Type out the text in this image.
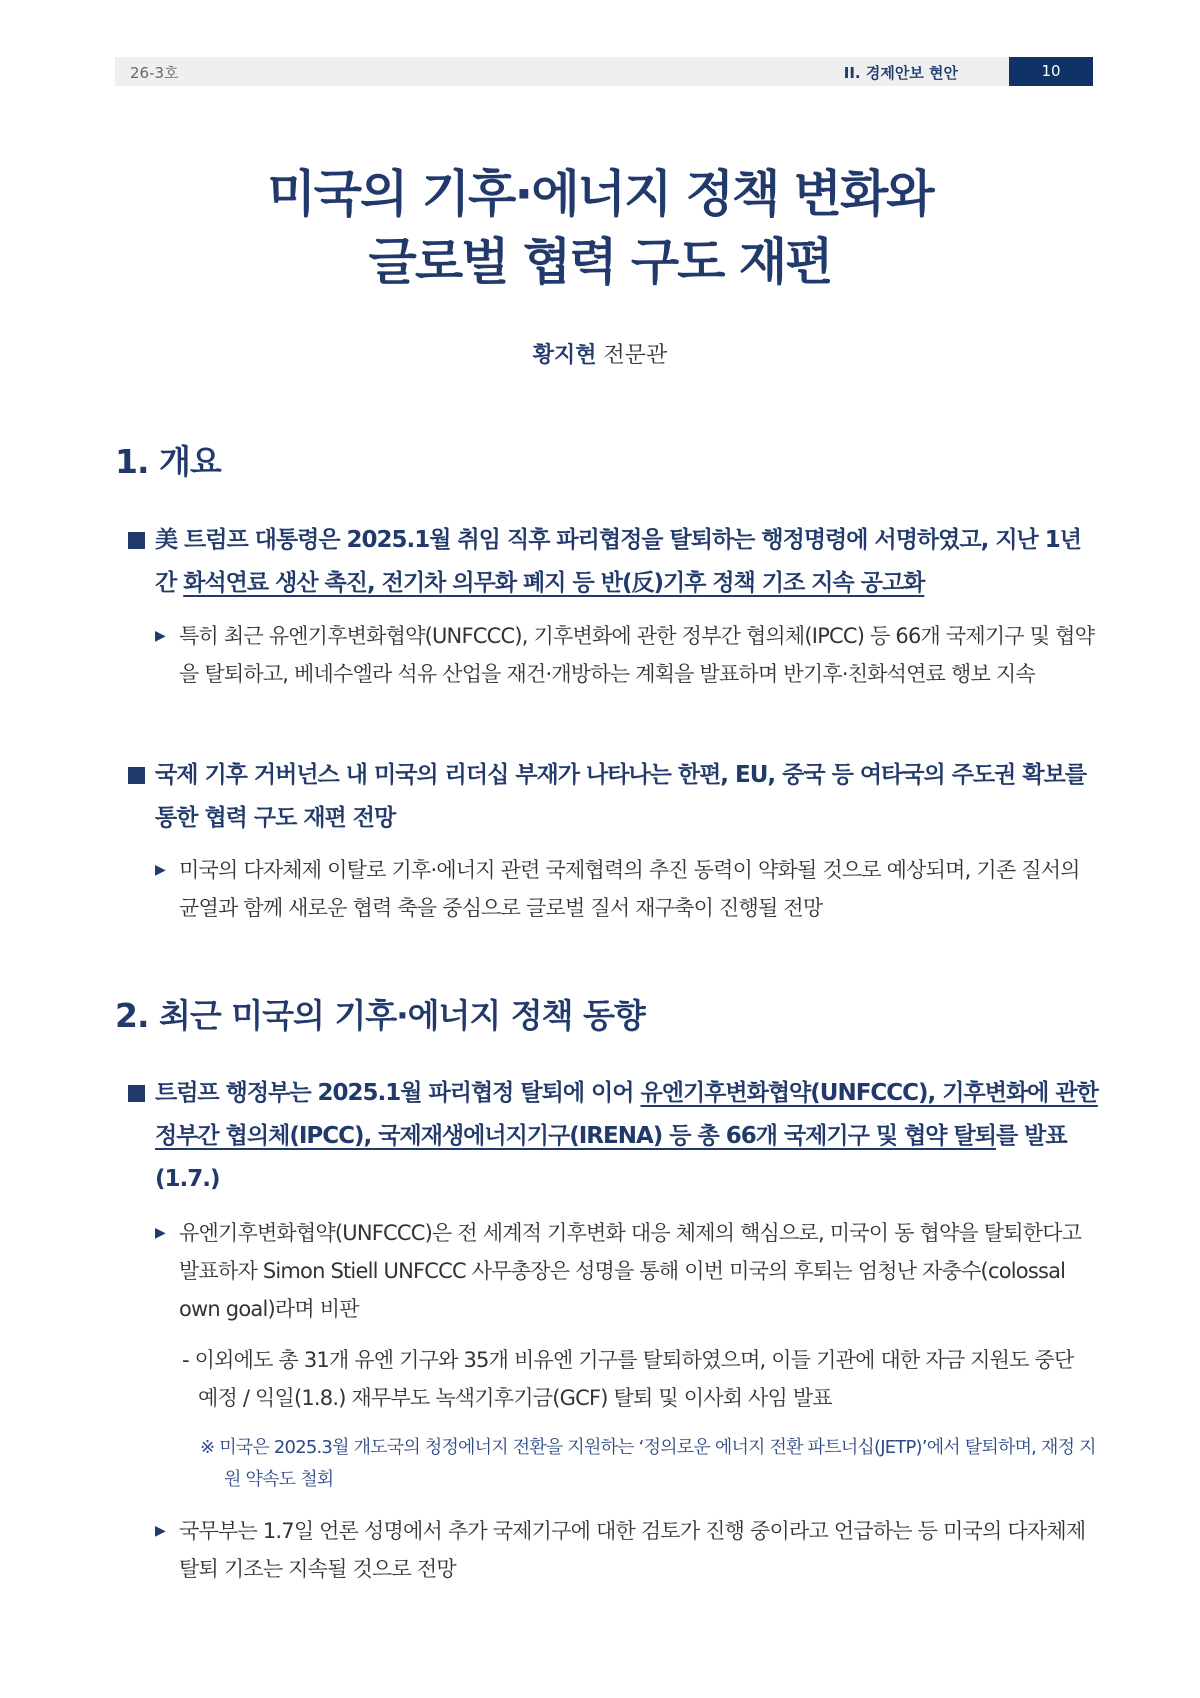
26-3호	II. 경제안보 현안	10
미국의 기후·에너지 정책 변화와
글로벌 협력 구도 재편
황지현 전문관
1. 개요
美 트럼프 대통령은 2025.1월 취임 직후 파리협정을 탈퇴하는 행정명령에 서명하였고, 지난 1년간 화석연료 생산 촉진, 전기차 의무화 폐지 등 반(反)기후 정책 기조 지속 공고화
▶ 특히 최근 유엔기후변화협약(UNFCCC), 기후변화에 관한 정부간 협의체(IPCC) 등 66개 국제기구 및 협약을 탈퇴하고, 베네수엘라 석유 산업을 재건·개방하는 계획을 발표하며 반기후·친화석연료 행보 지속
국제 기후 거버넌스 내 미국의 리더십 부재가 나타나는 한편, EU, 중국 등 여타국의 주도권 확보를 통한 협력 구도 재편 전망
▶ 미국의 다자체제 이탈로 기후·에너지 관련 국제협력의 추진 동력이 약화될 것으로 예상되며, 기존 질서의 균열과 함께 새로운 협력 축을 중심으로 글로벌 질서 재구축이 진행될 전망
2. 최근 미국의 기후·에너지 정책 동향
트럼프 행정부는 2025.1월 파리협정 탈퇴에 이어 유엔기후변화협약(UNFCCC), 기후변화에 관한 정부간 협의체(IPCC), 국제재생에너지기구(IRENA) 등 총 66개 국제기구 및 협약 탈퇴를 발표(1.7.)
▶ 유엔기후변화협약(UNFCCC)은 전 세계적 기후변화 대응 체제의 핵심으로, 미국이 동 협약을 탈퇴한다고 발표하자 Simon Stiell UNFCCC 사무총장은 성명을 통해 이번 미국의 후퇴는 엄청난 자충수(colossal own goal)라며 비판
- 이외에도 총 31개 유엔 기구와 35개 비유엔 기구를 탈퇴하였으며, 이들 기관에 대한 자금 지원도 중단 예정 / 익일(1.8.) 재무부도 녹색기후기금(GCF) 탈퇴 및 이사회 사임 발표
※ 미국은 2025.3월 개도국의 청정에너지 전환을 지원하는 ‘정의로운 에너지 전환 파트너십(JETP)’에서 탈퇴하며, 재정 지원 약속도 철회
▶ 국무부는 1.7일 언론 성명에서 추가 국제기구에 대한 검토가 진행 중이라고 언급하는 등 미국의 다자체제 탈퇴 기조는 지속될 것으로 전망
